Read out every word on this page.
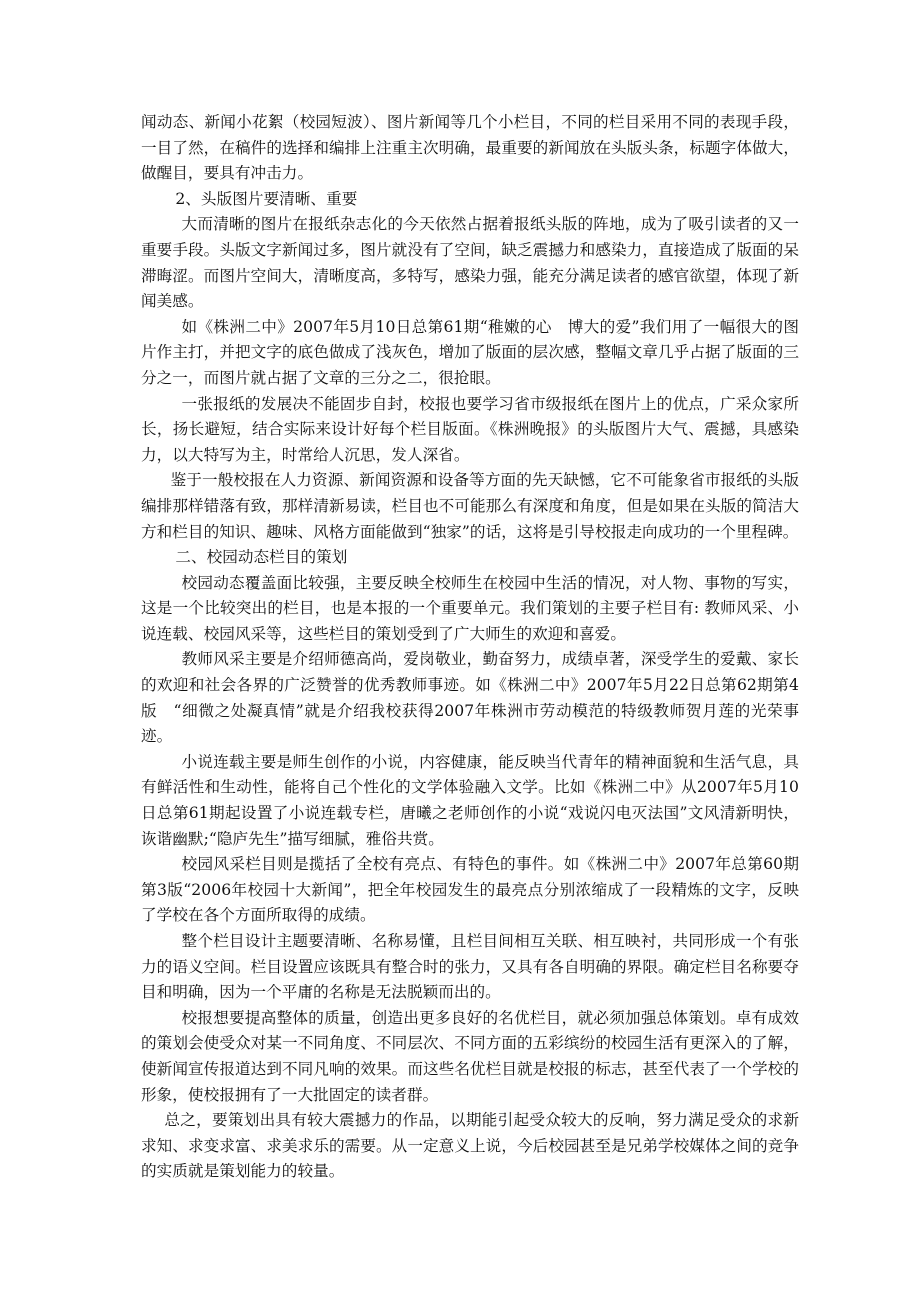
闻动态、新闻小花絮（校园短波）、图片新闻等几个小栏目，不同的栏目采用不同的表现手段，一目了然，在稿件的选择和编排上注重主次明确，最重要的新闻放在头版头条，标题字体做大，做醒目，要具有冲击力。

2、头版图片要清晰、重要

大而清晰的图片在报纸杂志化的今天依然占据着报纸头版的阵地，成为了吸引读者的又一重要手段。头版文字新闻过多，图片就没有了空间，缺乏震撼力和感染力，直接造成了版面的呆滞晦涩。而图片空间大，清晰度高，多特写，感染力强，能充分满足读者的感官欲望，体现了新闻美感。

如《株洲二中》2007年5月10日总第61期“稚嫩的心　博大的爱”我们用了一幅很大的图片作主打，并把文字的底色做成了浅灰色，增加了版面的层次感，整幅文章几乎占据了版面的三分之一，而图片就占据了文章的三分之二，很抢眼。

一张报纸的发展决不能固步自封，校报也要学习省市级报纸在图片上的优点，广采众家所长，扬长避短，结合实际来设计好每个栏目版面。《株洲晚报》的头版图片大气、震撼，具感染力，以大特写为主，时常给人沉思，发人深省。

鉴于一般校报在人力资源、新闻资源和设备等方面的先天缺憾，它不可能象省市报纸的头版编排那样错落有致，那样清新易读，栏目也不可能那么有深度和角度，但是如果在头版的简洁大方和栏目的知识、趣味、风格方面能做到“独家”的话，这将是引导校报走向成功的一个里程碑。

二、校园动态栏目的策划

校园动态覆盖面比较强，主要反映全校师生在校园中生活的情况，对人物、事物的写实，这是一个比较突出的栏目，也是本报的一个重要单元。我们策划的主要子栏目有: 教师风采、小说连载、校园风采等，这些栏目的策划受到了广大师生的欢迎和喜爱。

教师风采主要是介绍师德高尚，爱岗敬业，勤奋努力，成绩卓著，深受学生的爱戴、家长的欢迎和社会各界的广泛赞誉的优秀教师事迹。如《株洲二中》2007年5月22日总第62期第4版　“细微之处凝真情”就是介绍我校获得2007年株洲市劳动模范的特级教师贺月莲的光荣事迹。

小说连载主要是师生创作的小说，内容健康，能反映当代青年的精神面貌和生活气息，具有鲜活性和生动性，能将自己个性化的文学体验融入文学。比如《株洲二中》从2007年5月10日总第61期起设置了小说连载专栏，唐曦之老师创作的小说“戏说闪电灭法国”文风清新明快，诙谐幽默;“隐庐先生”描写细腻，雅俗共赏。

校园风采栏目则是揽括了全校有亮点、有特色的事件。如《株洲二中》2007年总第60期第3版“2006年校园十大新闻”，把全年校园发生的最亮点分别浓缩成了一段精炼的文字，反映了学校在各个方面所取得的成绩。

整个栏目设计主题要清晰、名称易懂，且栏目间相互关联、相互映衬，共同形成一个有张力的语义空间。栏目设置应该既具有整合时的张力，又具有各自明确的界限。确定栏目名称要夺目和明确，因为一个平庸的名称是无法脱颖而出的。

校报想要提高整体的质量，创造出更多良好的名优栏目，就必须加强总体策划。卓有成效的策划会使受众对某一不同角度、不同层次、不同方面的五彩缤纷的校园生活有更深入的了解，使新闻宣传报道达到不同凡响的效果。而这些名优栏目就是校报的标志，甚至代表了一个学校的形象，使校报拥有了一大批固定的读者群。

总之，要策划出具有较大震撼力的作品，以期能引起受众较大的反响，努力满足受众的求新求知、求变求富、求美求乐的需要。从一定意义上说，今后校园甚至是兄弟学校媒体之间的竞争的实质就是策划能力的较量。
